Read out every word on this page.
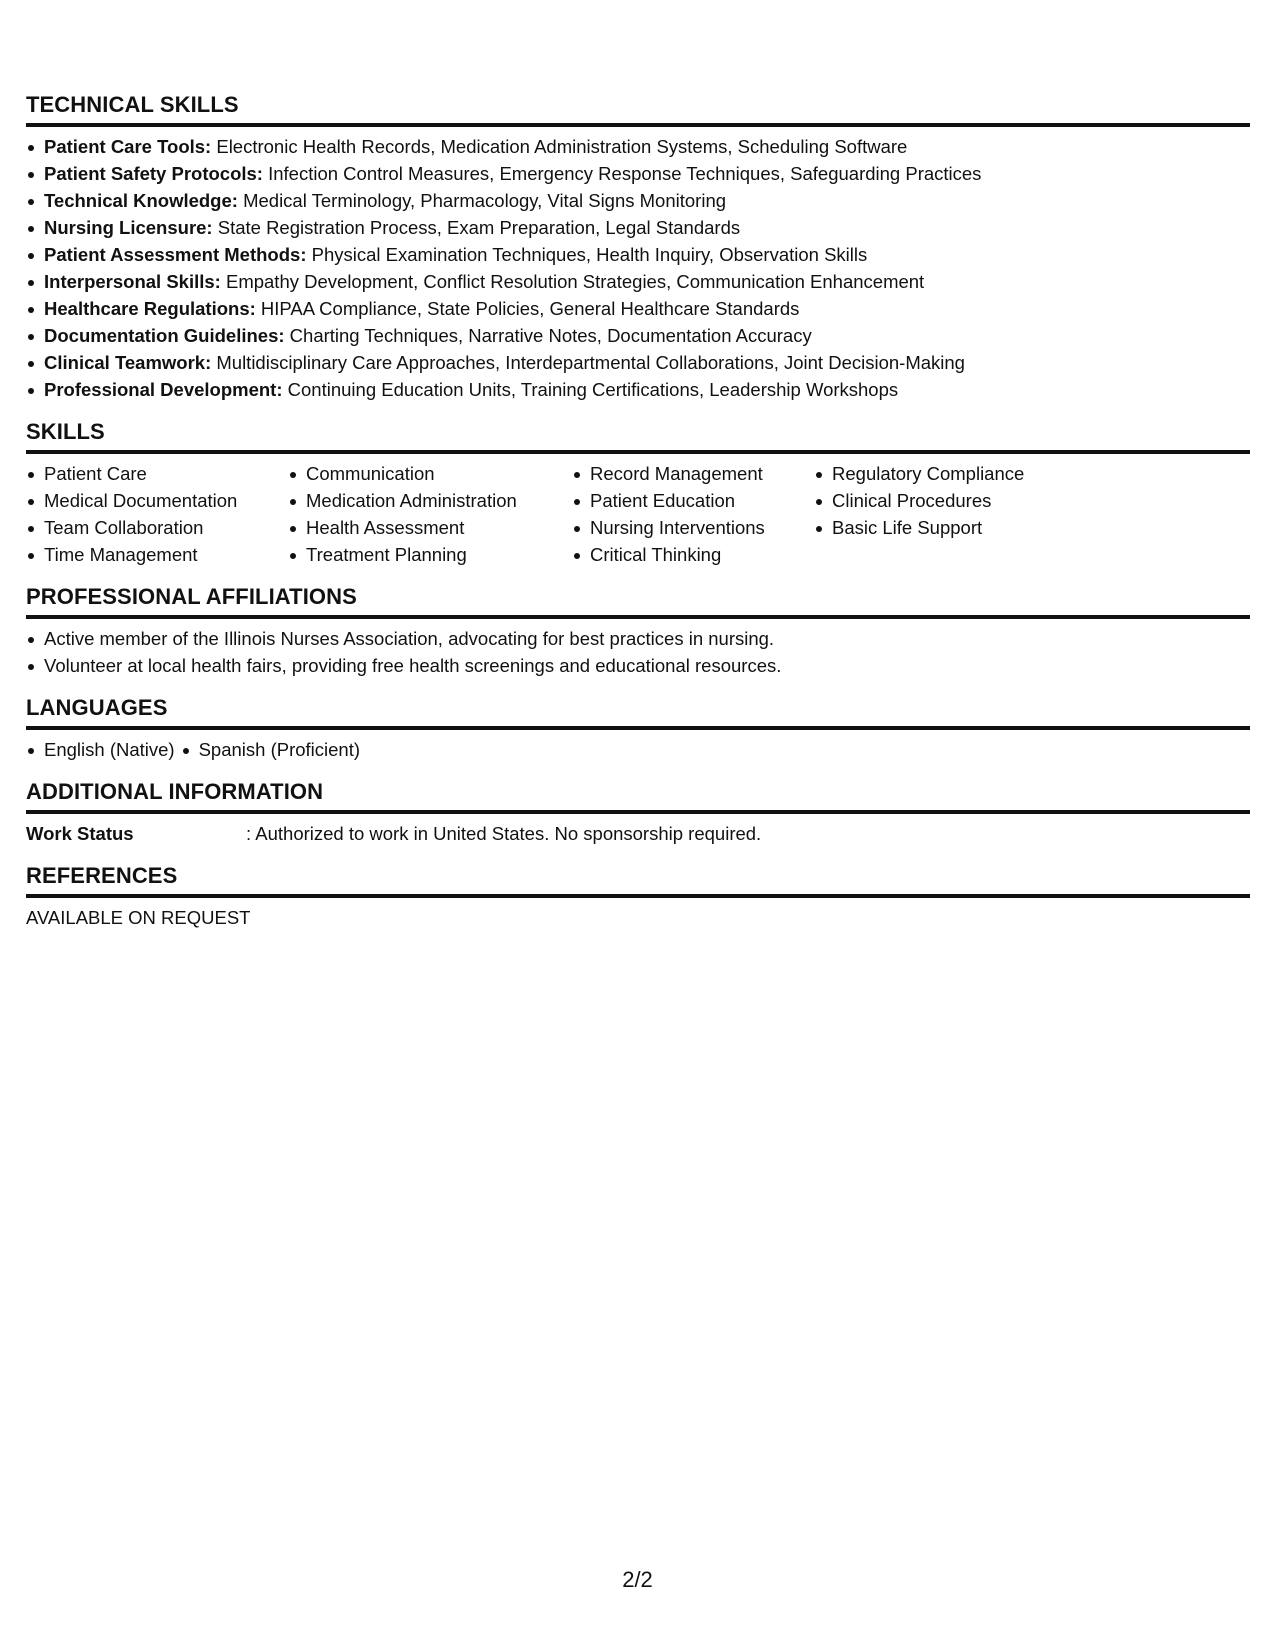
TECHNICAL SKILLS
Patient Care Tools: Electronic Health Records, Medication Administration Systems, Scheduling Software
Patient Safety Protocols: Infection Control Measures, Emergency Response Techniques, Safeguarding Practices
Technical Knowledge: Medical Terminology, Pharmacology, Vital Signs Monitoring
Nursing Licensure: State Registration Process, Exam Preparation, Legal Standards
Patient Assessment Methods: Physical Examination Techniques, Health Inquiry, Observation Skills
Interpersonal Skills: Empathy Development, Conflict Resolution Strategies, Communication Enhancement
Healthcare Regulations: HIPAA Compliance, State Policies, General Healthcare Standards
Documentation Guidelines: Charting Techniques, Narrative Notes, Documentation Accuracy
Clinical Teamwork: Multidisciplinary Care Approaches, Interdepartmental Collaborations, Joint Decision-Making
Professional Development: Continuing Education Units, Training Certifications, Leadership Workshops
SKILLS
Patient Care
Medical Documentation
Team Collaboration
Time Management
Communication
Medication Administration
Health Assessment
Treatment Planning
Record Management
Patient Education
Nursing Interventions
Critical Thinking
Regulatory Compliance
Clinical Procedures
Basic Life Support
PROFESSIONAL AFFILIATIONS
Active member of the Illinois Nurses Association, advocating for best practices in nursing.
Volunteer at local health fairs, providing free health screenings and educational resources.
LANGUAGES
English (Native) Spanish (Proficient)
ADDITIONAL INFORMATION
Work Status	: Authorized to work in United States. No sponsorship required.
REFERENCES
AVAILABLE ON REQUEST
2/2
